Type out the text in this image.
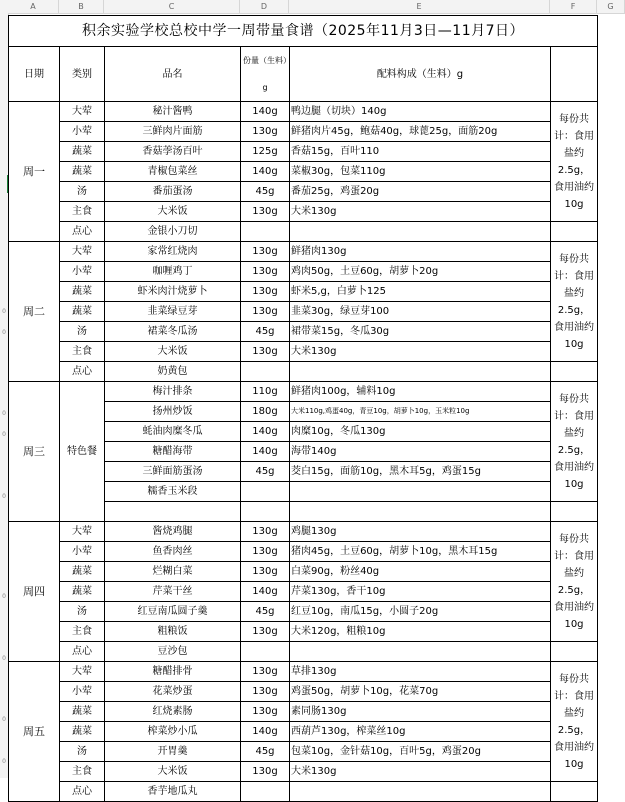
A	B	C	D	E	F	G
0
0
0
0
0
0
0
0
0
积余实验学校总校中学一周带量食谱（2025年11月3日—11月7日）					
日期	类别	品名	份量（生料）g	配料构成（生料）g	
周一	大荤	秘汁酱鸭	140g	鸭边腿（切块）140g	每份共计：食用盐约2.5g，食用油约10g
	小荤	三鲜肉片面筋	130g	鲜猪肉片45g，鲍菇40g，球蓖25g，面筋20g	
	蔬菜	香菇荸汤百叶	125g	香菇15g，百叶110	
	蔬菜	青椒包菜丝	140g	菜椒30g，包菜110g	
	汤	番茄蛋汤	45g	番茄25g，鸡蛋20g	
	主食	大米饭	130g	大米130g	
	点心	金银小刀切			
周二	大荤	家常红烧肉	130g	鲜猪肉130g	每份共计：食用盐约2.5g，食用油约10g
	小荤	咖喱鸡丁	130g	鸡肉50g，土豆60g，胡萝卜20g	
	蔬菜	虾米肉汁烧萝卜	130g	虾米5,g，白萝卜125	
	蔬菜	韭菜绿豆芽	130g	韭菜30g，绿豆芽100	
	汤	裙菜冬瓜汤	45g	裙带菜15g，冬瓜30g	
	主食	大米饭	130g	大米130g	
	点心	奶黄包			
周三	特色餐	梅汁排条	110g	鲜猪肉100g，辅料10g	每份共计：食用盐约2.5g，食用油约10g
		扬州炒饭	180g	大米110g,鸡蛋40g，青豆10g，胡萝卜10g，玉米粒10g	
		蚝油肉糜冬瓜	140g	肉糜10g，冬瓜130g	
		糖醋海带	140g	海带140g	
		三鲜面筋蛋汤	45g	茭白15g，面筋10g，黑木耳5g，鸡蛋15g	
		糯香玉米段			

周四	大荤	酱烧鸡腿	130g	鸡腿130g	每份共计：食用盐约2.5g，食用油约10g
	小荤	鱼香肉丝	130g	猪肉45g，土豆60g，胡萝卜10g，黑木耳15g	
	蔬菜	烂糊白菜	130g	白菜90g，粉丝40g	
	蔬菜	芹菜干丝	140g	芹菜130g，香干10g	
	汤	红豆南瓜圆子羹	45g	红豆10g，南瓜15g，小圆子20g	
	主食	粗粮饭	130g	大米120g，粗粮10g	
	点心	豆沙包			
周五	大荤	糖醋排骨	130g	草排130g	每份共计：食用盐约2.5g，食用油约10g
	小荤	花菜炒蛋	130g	鸡蛋50g，胡萝卜10g，花菜70g	
	蔬菜	红烧素肠	130g	素同肠130g	
	蔬菜	榨菜炒小瓜	140g	西葫芦130g，榨菜丝10g	
	汤	开胃羹	45g	包菜10g，金针菇10g，百叶5g，鸡蛋20g	
	主食	大米饭	130g	大米130g	
	点心	香芋地瓜丸			
